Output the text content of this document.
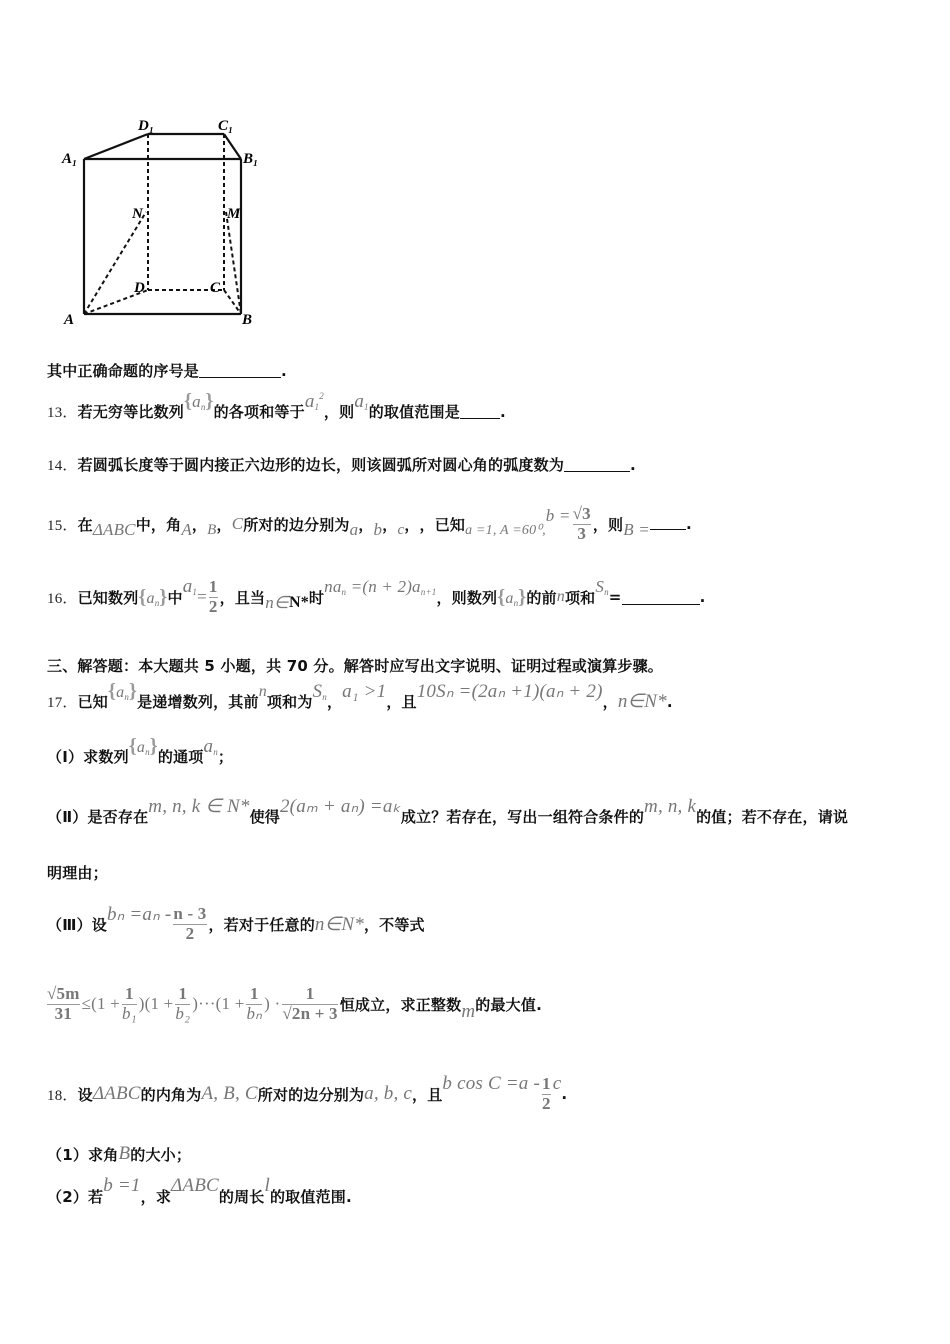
D₁	C₁
A₁	B₁
N	M
D	C
A	B
其中正确命题的序号是	.
13． 若无穷等比数列 $\{a_n\}$ 的各项和等于
$a_1^2$
，则
$a_1$ 的取值范围是	.
14． 若圆弧长度等于圆内接正六边形的边长，则该圆弧所对圆心角的弧度数为	.
15． 在 ΔABC 中，角 A ， B ， C 所对的边分别为 a ， b ， c ， ，已知 a =1, A =60⁰,
$b = \frac{√3}{3}$ ，则 B = .
16． 已知数列 $\{a_n\}$ 中
$a_1 = \frac{1}{2}$ ，且当 n∈ N* 时
$na_n =(n + 2)a_{n+1}$ ，则数列 $\{a_n\}$ 的前 n 项和
$S_n$ =	.
三、解答题：本大题共 5 小题，共 70 分。解答时应写出文字说明、证明过程或演算步骤。
17． 已知 $\{a_n\}$ 是递增数列，其前
n
项和为
$S_n$ ，
a₁ >1
，且 10Sₙ =(2aₙ +1)(aₙ + 2) ， n∈N* .
（Ⅰ）求数列 $\{a_n\}$ 的通项
$a_n$ ；
（Ⅱ）是否存在 m, n, k ∈ N* 使得 2(aₘ + aₙ) =aₖ 成立？若存在，写出一组符合条件的
m, n, k
的值；若不存在，请说
明理由；
（Ⅲ）设 $b_n =a_n - \frac{n - 3}{2}$ ，若对于任意的 n∈N* ，不等式
$\frac{√5m}{31} \le(1 + \frac{1}{\text{b₁}} )(1 + \frac{1}{\text{b₂}} )\cdot\cdot\cdot(1 + \frac{1}{\text{bₙ}}$ ) · $\frac{1}{√2n + 3}$ 恒成立，求正整数 m 的最大值.
18． 设 ΔABC 的内角为 A, B, C 所对的边分别为 a, b, c ，且
b $\cos C =a - \frac{1}{2}$ c .
（1）求角 B 的大小；
（2）若
b =1
，求
ΔABC
的周长
l
的取值范围.
